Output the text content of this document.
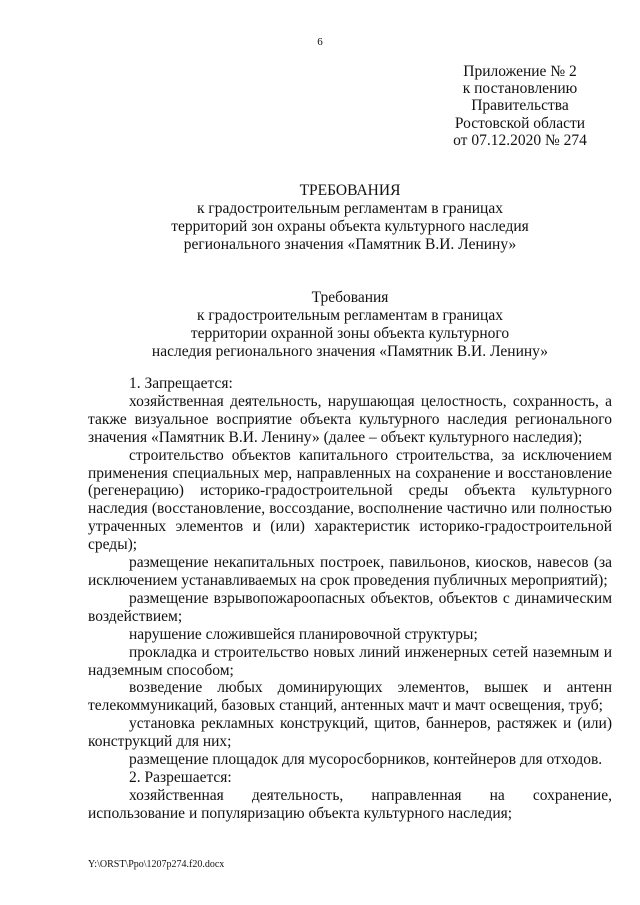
6
Приложение № 2
к постановлению
Правительства
Ростовской области
от 07.12.2020 № 274
ТРЕБОВАНИЯ
к градостроительным регламентам в границах
территорий зон охраны объекта культурного наследия
регионального значения «Памятник В.И. Ленину»
Требования
к градостроительным регламентам в границах
территории охранной зоны объекта культурного
наследия регионального значения «Памятник В.И. Ленину»

1. Запрещается:

хозяйственная деятельность, нарушающая целостность, сохранность, а также визуальное восприятие объекта культурного наследия регионального значения «Памятник В.И. Ленину» (далее – объект культурного наследия);

строительство объектов капитального строительства, за исключением применения специальных мер, направленных на сохранение и восстановление (регенерацию) историко-градостроительной среды объекта культурного наследия (восстановление, воссоздание, восполнение частично или полностью утраченных элементов и (или) характеристик историко-градостроительной среды);

размещение некапитальных построек, павильонов, киосков, навесов (за исключением устанавливаемых на срок проведения публичных мероприятий);

размещение взрывопожароопасных объектов, объектов с динамическим воздействием;

нарушение сложившейся планировочной структуры;

прокладка и строительство новых линий инженерных сетей наземным и надземным способом;

возведение любых доминирующих элементов, вышек и антенн телекоммуникаций, базовых станций, антенных мачт и мачт освещения, труб;

установка рекламных конструкций, щитов, баннеров, растяжек и (или) конструкций для них;

размещение площадок для мусоросборников, контейнеров для отходов.

2. Разрешается:

хозяйственная деятельность, направленная на сохранение, использование и популяризацию объекта культурного наследия;

Y:\ORST\Ppo\1207p274.f20.docx
